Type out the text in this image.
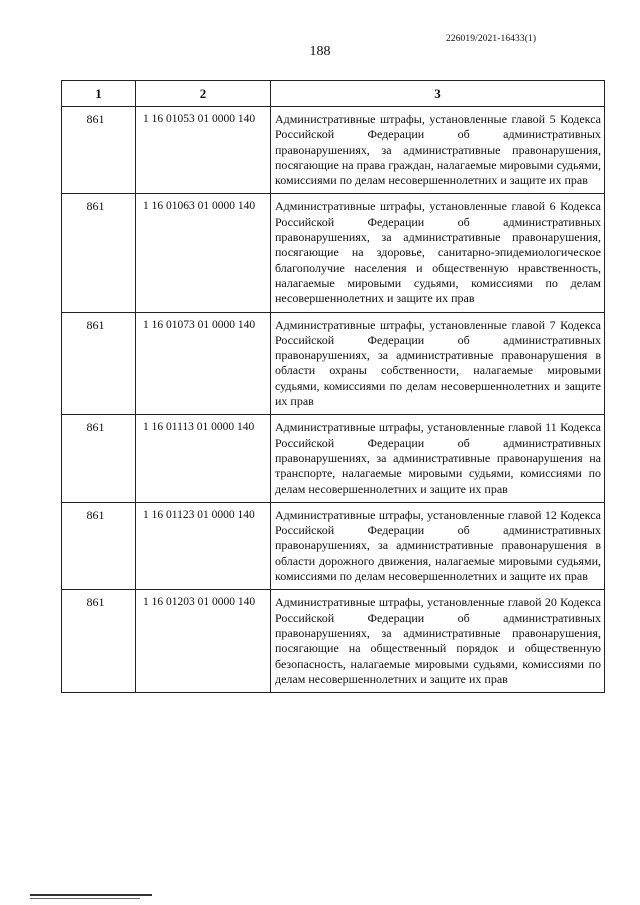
226019/2021-16433(1)
188
1	2	3
861	1 16 01053 01 0000 140	Административные штрафы, установленные главой 5 Кодекса Российской Федерации об административных правонарушениях, за административные правонарушения, посягающие на права граждан, налагаемые мировыми судьями, комиссиями по делам несовершеннолетних и защите их прав
861	1 16 01063 01 0000 140	Административные штрафы, установленные главой 6 Кодекса Российской Федерации об административных правонарушениях, за административные правонарушения, посягающие на здоровье, санитарно-эпидемиологическое благополучие населения и общественную нравственность, налагаемые мировыми судьями, комиссиями по делам несовершеннолетних и защите их прав
861	1 16 01073 01 0000 140	Административные штрафы, установленные главой 7 Кодекса Российской Федерации об административных правонарушениях, за административные правонарушения в области охраны собственности, налагаемые мировыми судьями, комиссиями по делам несовершеннолетних и защите их прав
861	1 16 01113 01 0000 140	Административные штрафы, установленные главой 11 Кодекса Российской Федерации об административных правонарушениях, за административные правонарушения на транспорте, налагаемые мировыми судьями, комиссиями по делам несовершеннолетних и защите их прав
861	1 16 01123 01 0000 140	Административные штрафы, установленные главой 12 Кодекса Российской Федерации об административных правонарушениях, за административные правонарушения в области дорожного движения, налагаемые мировыми судьями, комиссиями по делам несовершеннолетних и защите их прав
861	1 16 01203 01 0000 140	Административные штрафы, установленные главой 20 Кодекса Российской Федерации об административных правонарушениях, за административные правонарушения, посягающие на общественный порядок и общественную безопасность, налагаемые мировыми судьями, комиссиями по делам несовершеннолетних и защите их прав
